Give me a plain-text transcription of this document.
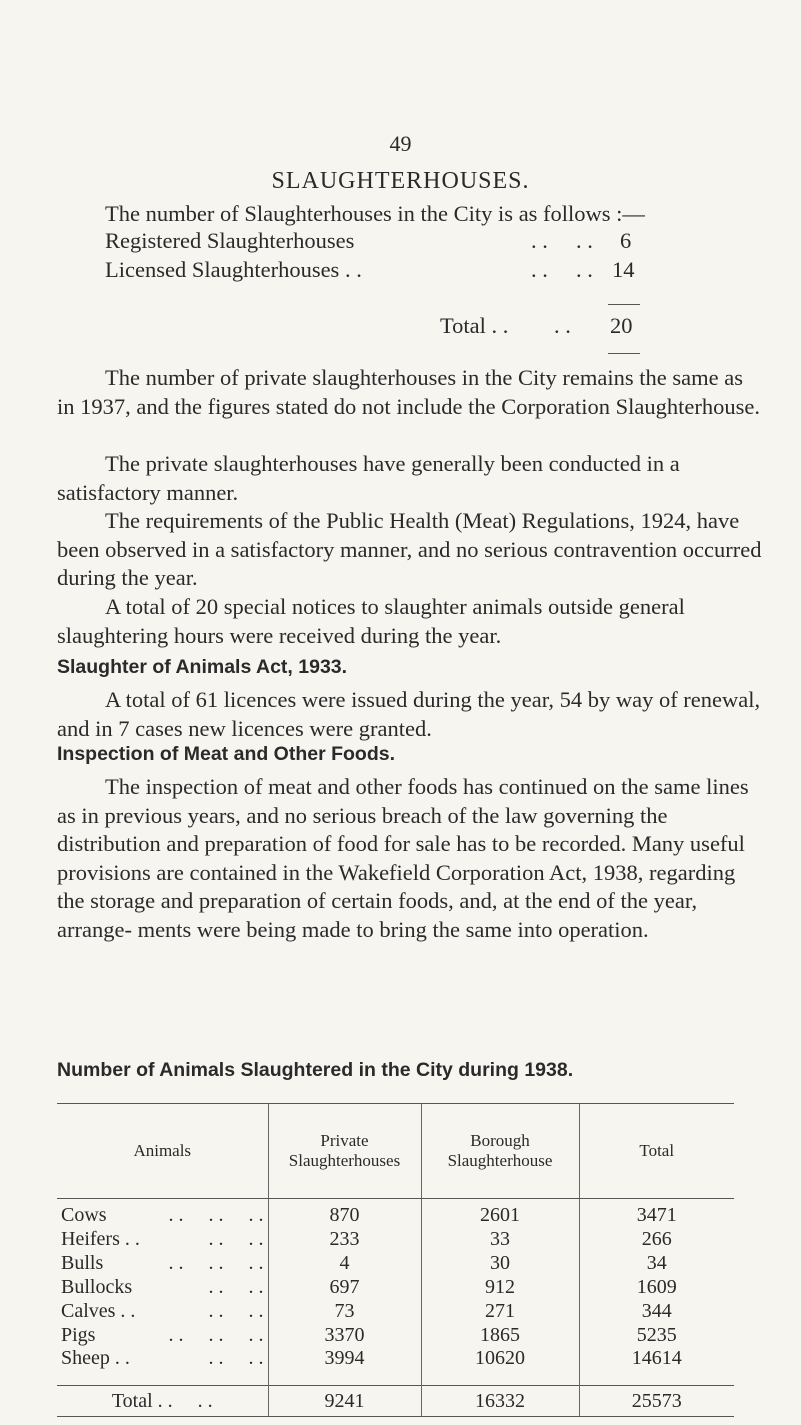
49
SLAUGHTERHOUSES.
The number of Slaughterhouses in the City is as follows :—
Registered Slaughterhouses	. .     . . 6
Licensed Slaughterhouses . .	. .     . . 14
Total . . . . 20
The number of private slaughterhouses in the City remains the same as in 1937, and the figures stated do not include the Corporation Slaughterhouse.
The private slaughterhouses have generally been conducted in a satisfactory manner.
The requirements of the Public Health (Meat) Regulations, 1924, have been observed in a satisfactory manner, and no serious contravention occurred during the year.
A total of 20 special notices to slaughter animals outside general slaughtering hours were received during the year.
Slaughter of Animals Act, 1933.
A total of 61 licences were issued during the year, 54 by way of renewal, and in 7 cases new licences were granted.
Inspection of Meat and Other Foods.
The inspection of meat and other foods has continued on the same lines as in previous years, and no serious breach of the law governing the distribution and preparation of food for sale has to be recorded. Many useful provisions are contained in the Wakefield Corporation Act, 1938, regarding the storage and preparation of certain foods, and, at the end of the year, arrange- ments were being made to bring the same into operation.
Number of Animals Slaughtered in the City during 1938.
Animals	Private Slaughterhouses	Borough Slaughterhouse	Total
Cows . .     . .     . .	870	2601	3471
Heifers . . . .     . .	233	33	266
Bulls . .     . .     . .	4	30	34
Bullocks . .     . .	697	912	1609
Calves . . . .     . .	73	271	344
Pigs . .     . .     . .	3370	1865	5235
Sheep . . . .     . .	3994	10620	14614
Total . .     . .	9241	16332	25573
